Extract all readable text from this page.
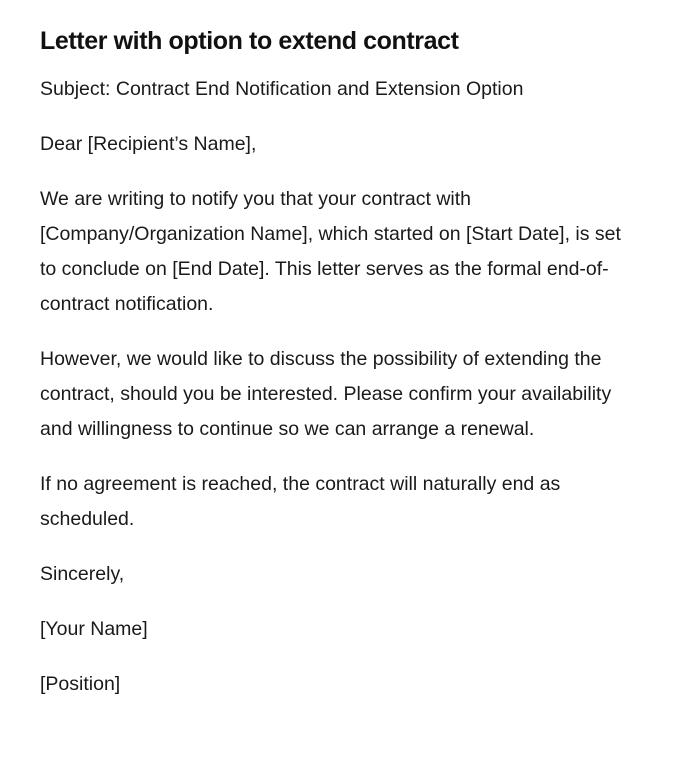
Letter with option to extend contract

Subject: Contract End Notification and Extension Option

Dear [Recipient’s Name],

We are writing to notify you that your contract with [Company/Organization Name], which started on [Start Date], is set to conclude on [End Date]. This letter serves as the formal end-of-contract notification.

However, we would like to discuss the possibility of extending the contract, should you be interested. Please confirm your availability and willingness to continue so we can arrange a renewal.

If no agreement is reached, the contract will naturally end as scheduled.

Sincerely,

[Your Name]

[Position]
